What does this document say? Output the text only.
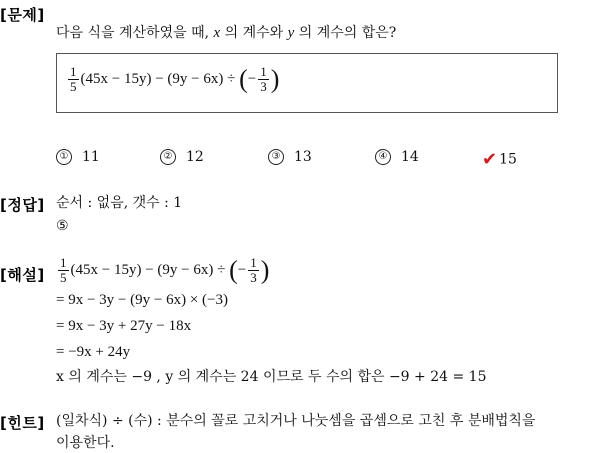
[문제]
다음 식을 계산하였을 때, x 의 계수와 y 의 계수의 합은?
$\frac{1}{5} (45x - 15y) - (9y - 6x)$ ÷ (− $\frac{1}{3}$ )
① 11	② 12	③ 13	④ 14	✔ 15
[정답] 순서 : 없음, 갯수 : 1
⑤
[해설] $\frac{1}{5} (45x - 15y) - (9y - 6x)$ ÷ (− $\frac{1}{3}$ )
= 9x − 3y − (9y − 6x) × (−3)
= 9x − 3y + 27y − 18x
= −9x + 24y
x 의 계수는 −9 , y 의 계수는 24 이므로 두 수의 합은 −9 + 24 = 15
[힌트] (일차식) ÷ (수) : 분수의 꼴로 고치거나 나눗셈을 곱셈으로 고친 후 분배법칙을
이용한다.
